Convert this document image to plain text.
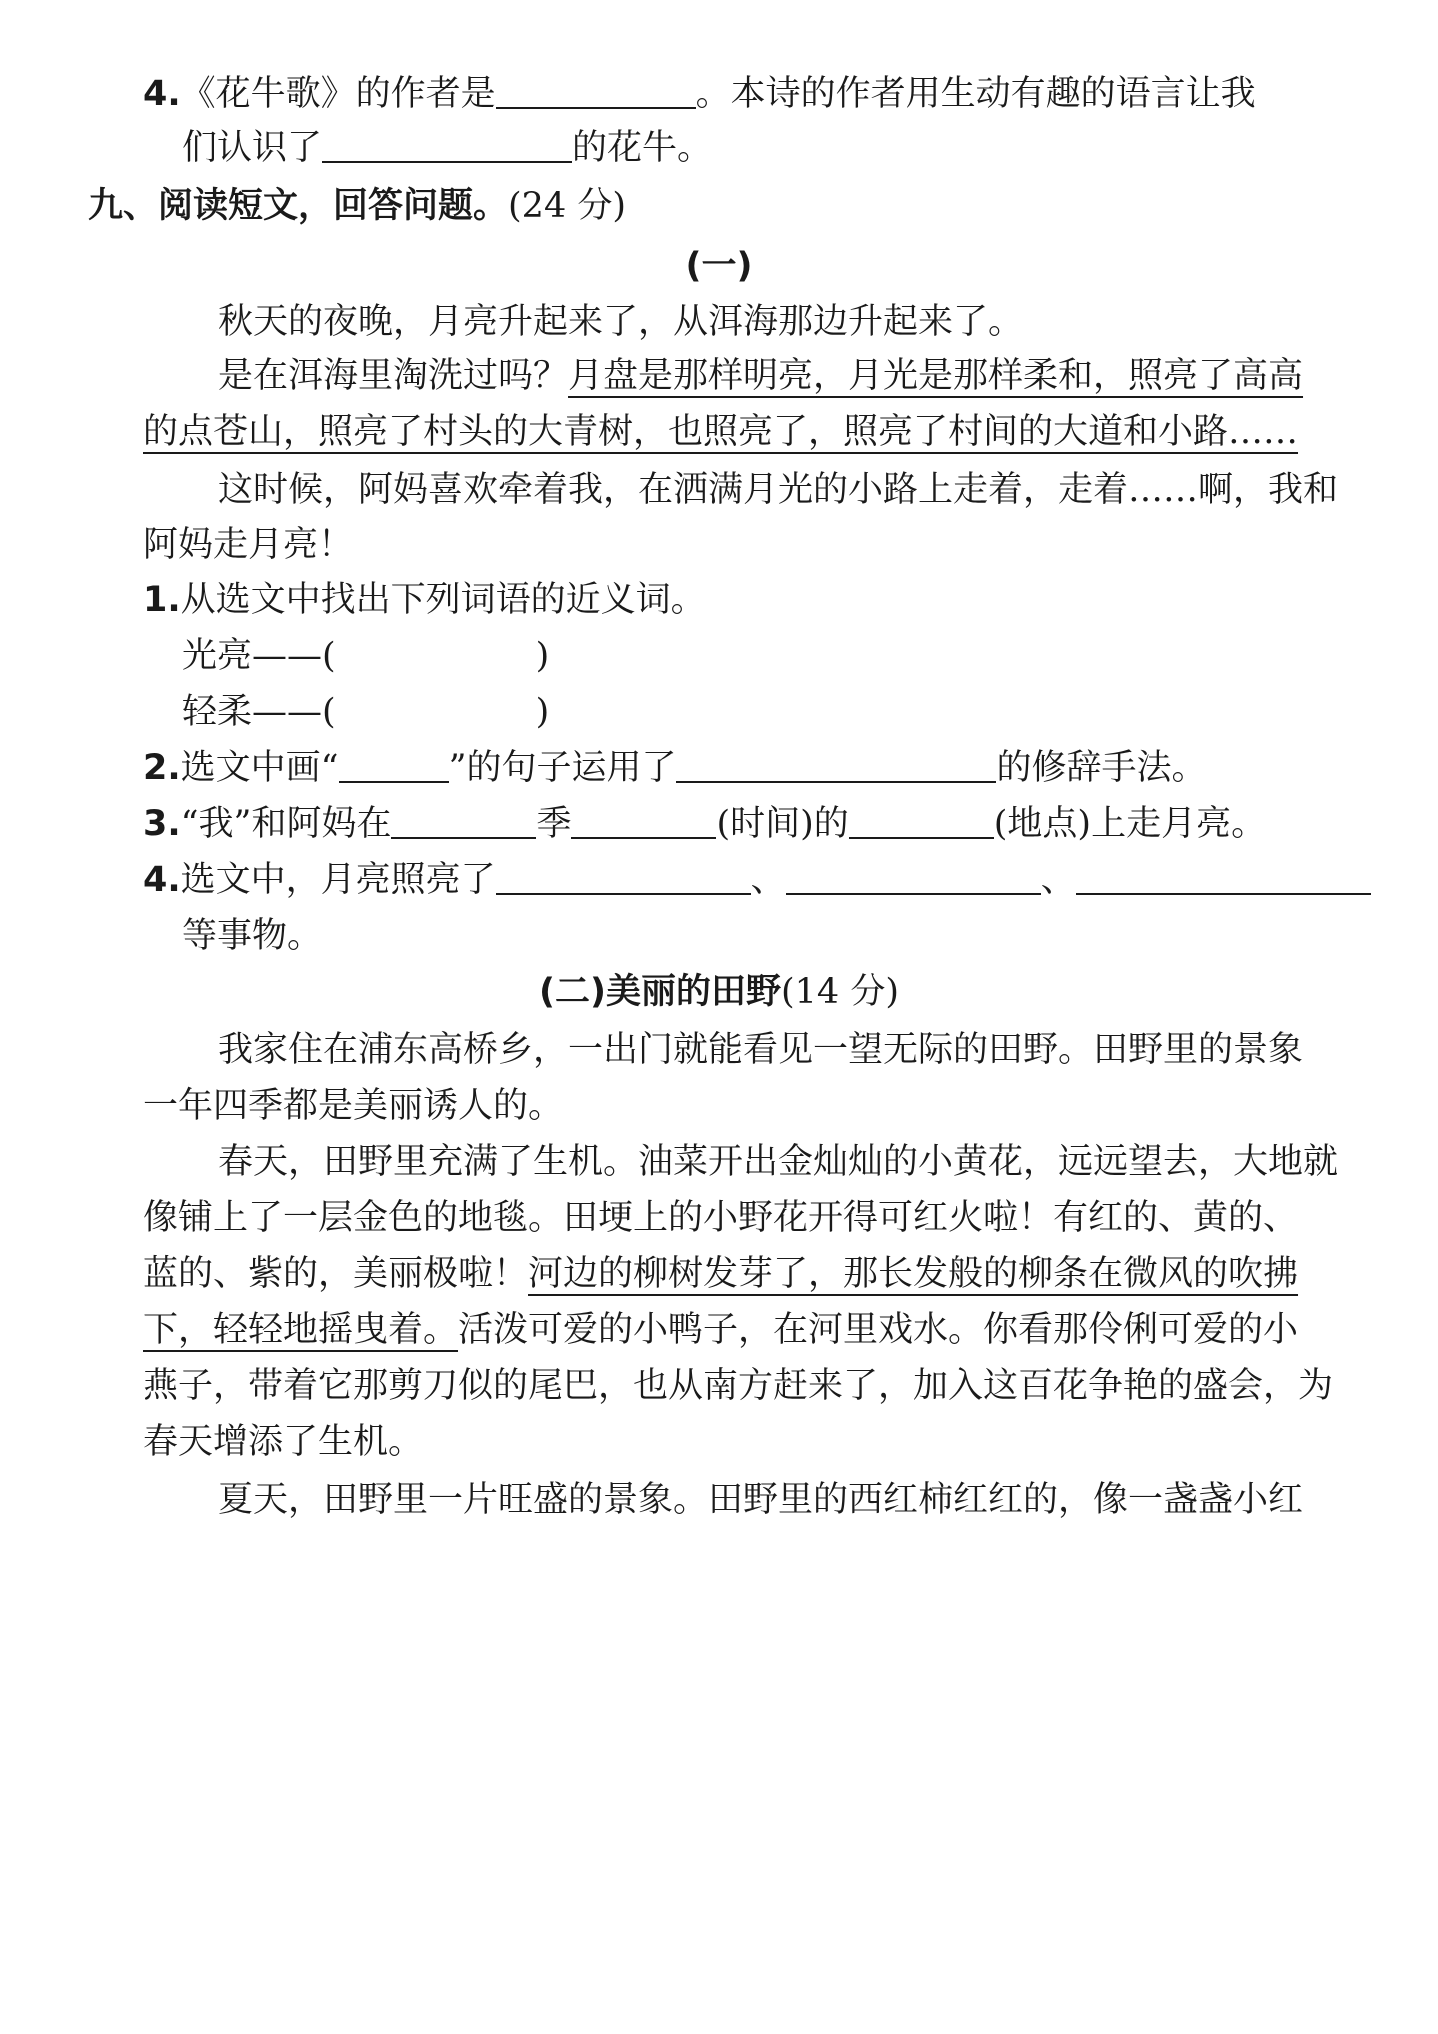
4.《花牛歌》的作者是	。本诗的作者用生动有趣的语言让我
们认识了	的花牛。
九、阅读短文，回答问题。(24 分)
(一)
秋天的夜晚，月亮升起来了，从洱海那边升起来了。
是在洱海里淘洗过吗？月盘是那样明亮，月光是那样柔和，照亮了高高
的点苍山，照亮了村头的大青树，也照亮了，照亮了村间的大道和小路……
这时候，阿妈喜欢牵着我，在洒满月光的小路上走着，走着……啊，我和
阿妈走月亮！
1.从选文中找出下列词语的近义词。
光亮——(	)
轻柔——(	)
2.选文中画“	”的句子运用了	的修辞手法。
3.“我”和阿妈在	季	(时间)的	(地点)上走月亮。
4.选文中，月亮照亮了	、	、
等事物。
(二)美丽的田野(14 分)
我家住在浦东高桥乡，一出门就能看见一望无际的田野。田野里的景象
一年四季都是美丽诱人的。
春天，田野里充满了生机。油菜开出金灿灿的小黄花，远远望去，大地就
像铺上了一层金色的地毯。田埂上的小野花开得可红火啦！有红的、黄的、
蓝的、紫的，美丽极啦！河边的柳树发芽了，那长发般的柳条在微风的吹拂
下，轻轻地摇曳着。活泼可爱的小鸭子，在河里戏水。你看那伶俐可爱的小
燕子，带着它那剪刀似的尾巴，也从南方赶来了，加入这百花争艳的盛会，为
春天增添了生机。
夏天，田野里一片旺盛的景象。田野里的西红柿红红的，像一盏盏小红
